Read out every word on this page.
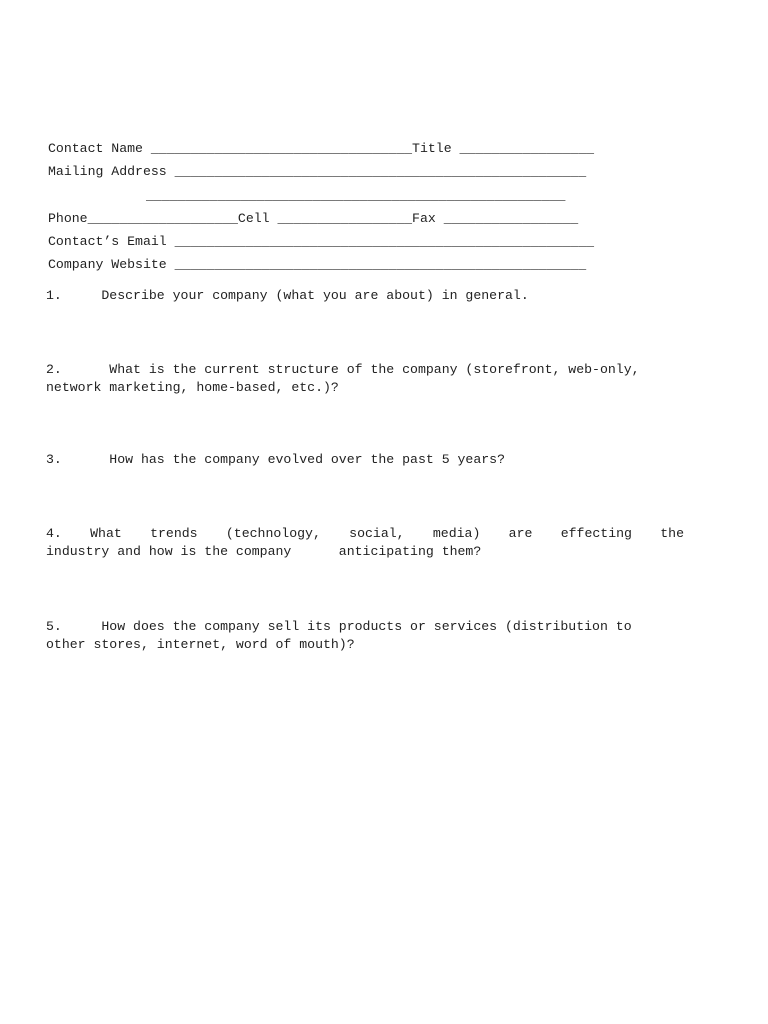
Contact Name _________________________________Title _________________
Mailing Address ____________________________________________________
_____________________________________________________
Phone___________________Cell _________________Fax _________________
Contact’s Email _____________________________________________________
Company Website ____________________________________________________
1.     Describe your company (what you are about) in general.
2.      What is the current structure of the company (storefront, web-only,
network marketing, home-based, etc.)?
3.      How has the company evolved over the past 5 years?
4. What trends (technology, social, media) are effecting the
industry and how is the company      anticipating them?
5.     How does the company sell its products or services (distribution to
other stores, internet, word of mouth)?
